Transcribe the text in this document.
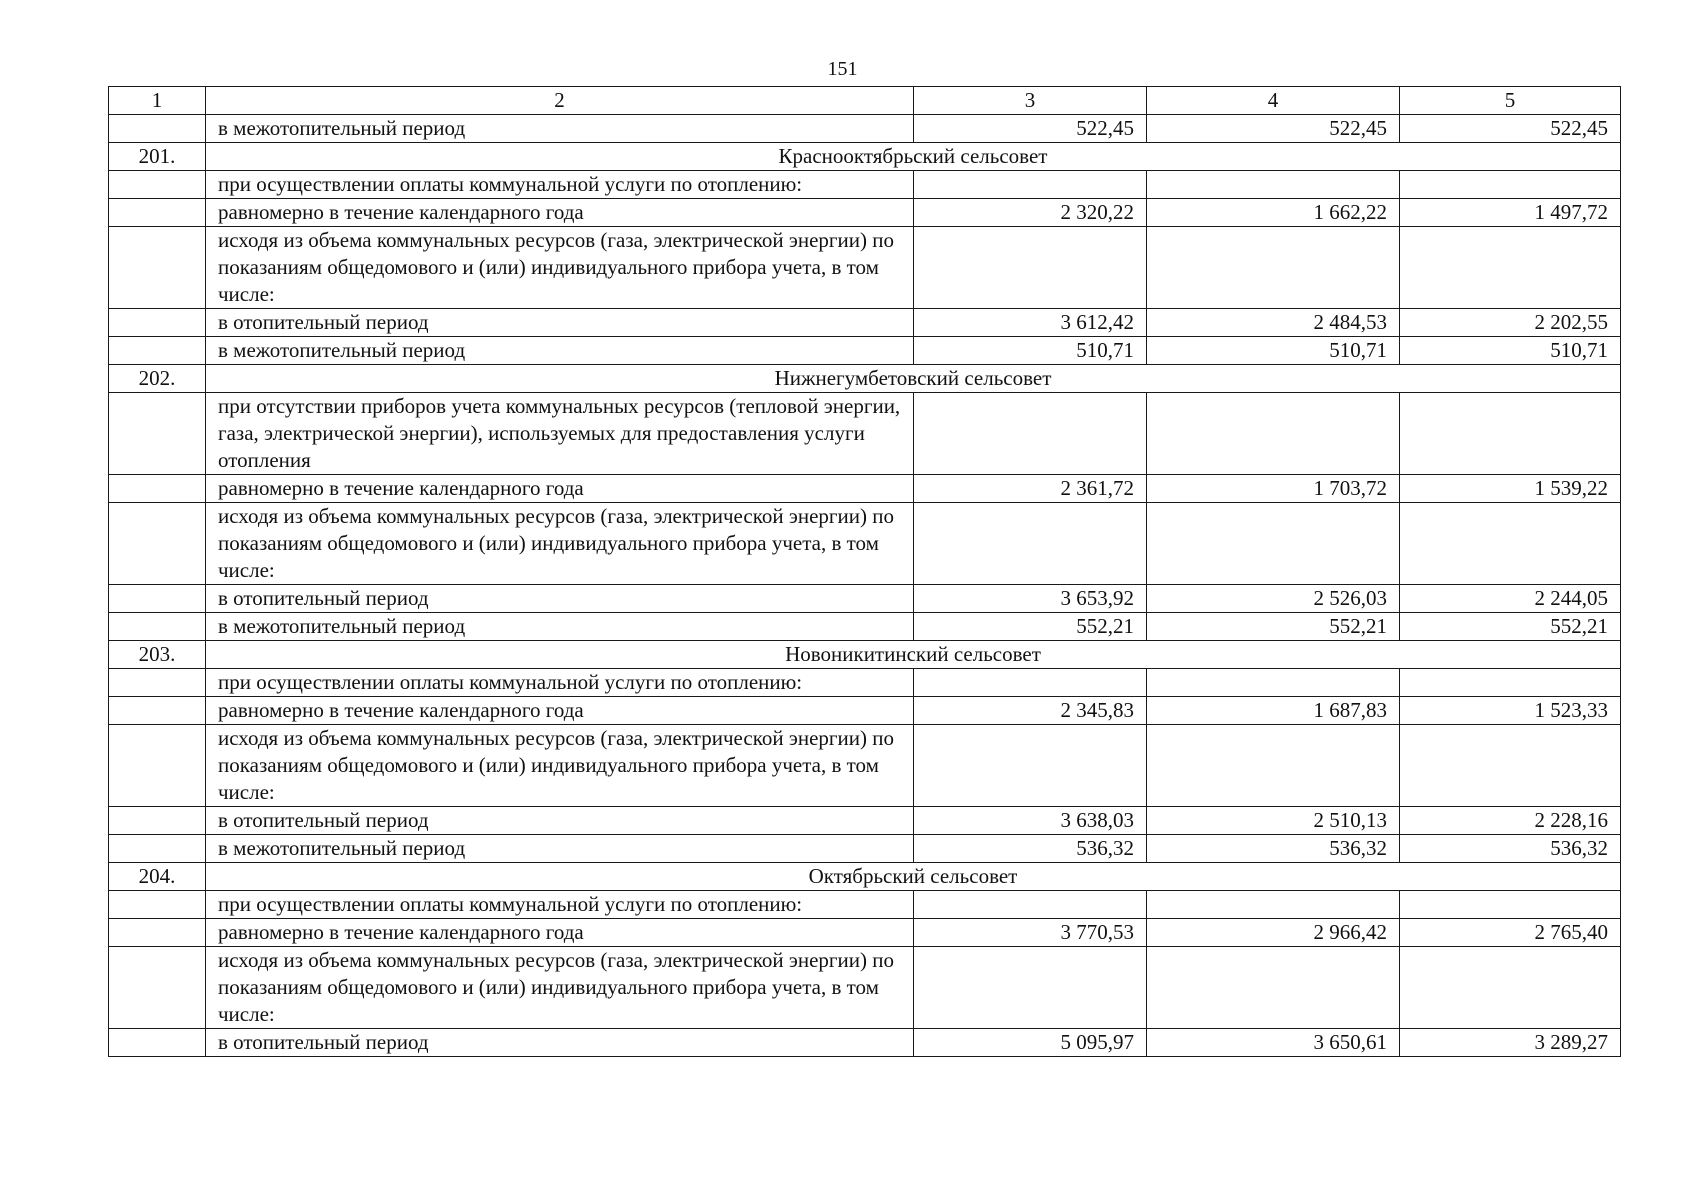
151
1	2	3	4	5
	в межотопительный период	522,45	522,45	522,45
201.	Краснооктябрьский сельсовет			
	при осуществлении оплаты коммунальной услуги по отоплению:			
	равномерно в течение календарного года	2 320,22	1 662,22	1 497,72
	исходя из объема коммунальных ресурсов (газа, электрической энергии) по показаниям общедомового и (или) индивидуального прибора учета, в том числе:			
	в отопительный период	3 612,42	2 484,53	2 202,55
	в межотопительный период	510,71	510,71	510,71
202.	Нижнегумбетовский сельсовет			
	при отсутствии приборов учета коммунальных ресурсов (тепловой энергии, газа, электрической энергии), используемых для предоставления услуги отопления			
	равномерно в течение календарного года	2 361,72	1 703,72	1 539,22
	исходя из объема коммунальных ресурсов (газа, электрической энергии) по показаниям общедомового и (или) индивидуального прибора учета, в том числе:			
	в отопительный период	3 653,92	2 526,03	2 244,05
	в межотопительный период	552,21	552,21	552,21
203.	Новоникитинский сельсовет			
	при осуществлении оплаты коммунальной услуги по отоплению:			
	равномерно в течение календарного года	2 345,83	1 687,83	1 523,33
	исходя из объема коммунальных ресурсов (газа, электрической энергии) по показаниям общедомового и (или) индивидуального прибора учета, в том числе:			
	в отопительный период	3 638,03	2 510,13	2 228,16
	в межотопительный период	536,32	536,32	536,32
204.	Октябрьский сельсовет			
	при осуществлении оплаты коммунальной услуги по отоплению:			
	равномерно в течение календарного года	3 770,53	2 966,42	2 765,40
	исходя из объема коммунальных ресурсов (газа, электрической энергии) по показаниям общедомового и (или) индивидуального прибора учета, в том числе:			
	в отопительный период	5 095,97	3 650,61	3 289,27
